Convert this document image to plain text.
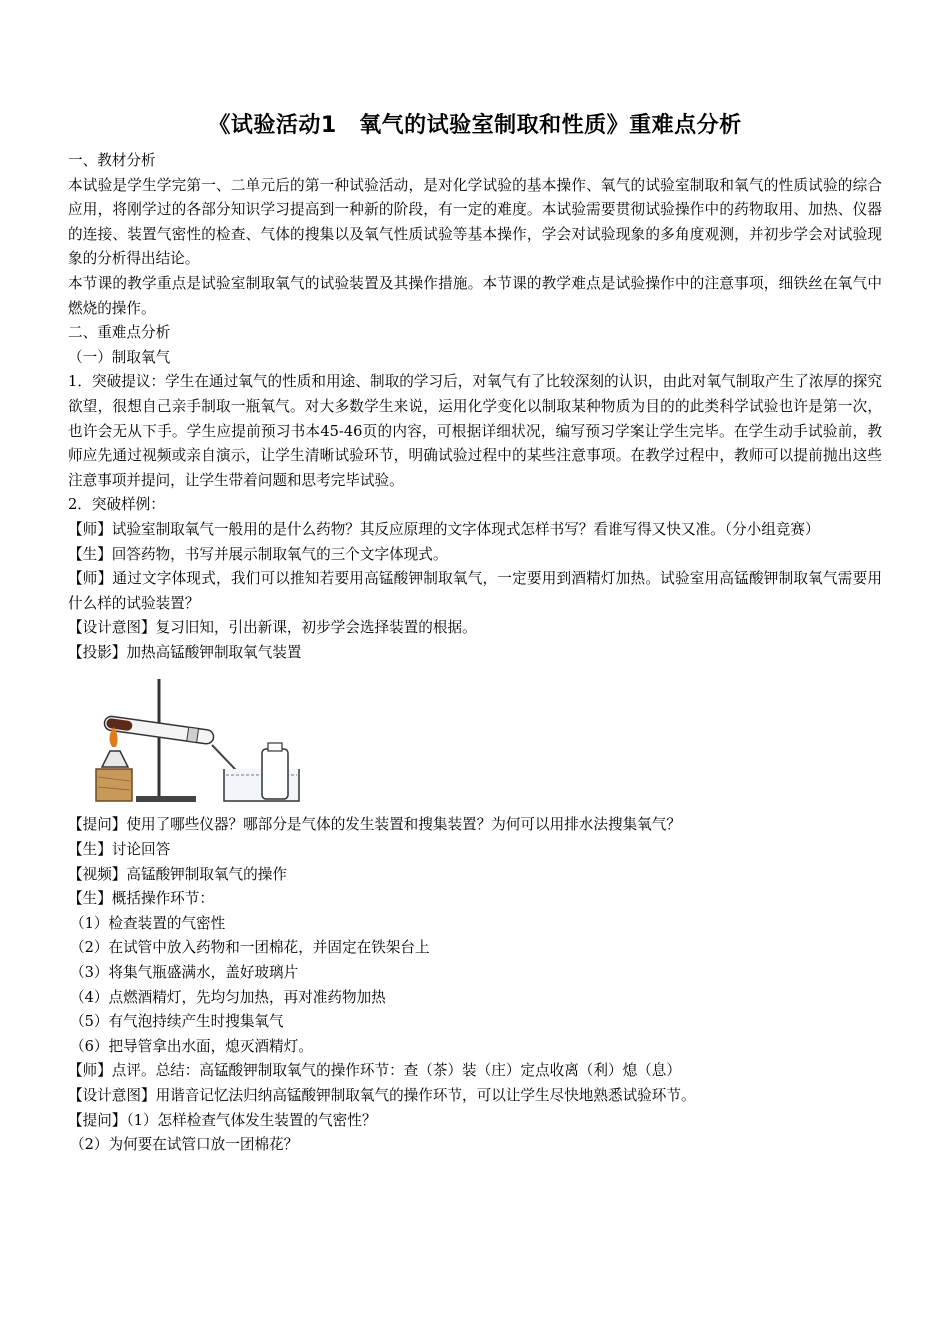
《试验活动1　氧气的试验室制取和性质》重难点分析

一、教材分析

本试验是学生学完第一、二单元后的第一种试验活动，是对化学试验的基本操作、氧气的试验室制取和氧气的性质试验的综合应用，将刚学过的各部分知识学习提高到一种新的阶段，有一定的难度。本试验需要贯彻试验操作中的药物取用、加热、仪器的连接、装置气密性的检查、气体的搜集以及氧气性质试验等基本操作，学会对试验现象的多角度观测，并初步学会对试验现象的分析得出结论。

本节课的教学重点是试验室制取氧气的试验装置及其操作措施。本节课的教学难点是试验操作中的注意事项，细铁丝在氧气中燃烧的操作。

二、重难点分析

（一）制取氧气

1．突破提议：学生在通过氧气的性质和用途、制取的学习后，对氧气有了比较深刻的认识，由此对氧气制取产生了浓厚的探究欲望，很想自己亲手制取一瓶氧气。对大多数学生来说，运用化学变化以制取某种物质为目的的此类科学试验也许是第一次，也许会无从下手。学生应提前预习书本45-46页的内容，可根据详细状况，编写预习学案让学生完毕。在学生动手试验前，教师应先通过视频或亲自演示，让学生清晰试验环节，明确试验过程中的某些注意事项。在教学过程中，教师可以提前抛出这些注意事项并提问，让学生带着问题和思考完毕试验。

2．突破样例：

【师】试验室制取氧气一般用的是什么药物？其反应原理的文字体现式怎样书写？看谁写得又快又准。（分小组竞赛）

【生】回答药物，书写并展示制取氧气的三个文字体现式。

【师】通过文字体现式，我们可以推知若要用高锰酸钾制取氧气，一定要用到酒精灯加热。试验室用高锰酸钾制取氧气需要用什么样的试验装置？

【设计意图】复习旧知，引出新课，初步学会选择装置的根据。

【投影】加热高锰酸钾制取氧气装置

【提问】使用了哪些仪器？哪部分是气体的发生装置和搜集装置？为何可以用排水法搜集氧气？

【生】讨论回答

【视频】高锰酸钾制取氧气的操作

【生】概括操作环节：

（1）检查装置的气密性

（2）在试管中放入药物和一团棉花，并固定在铁架台上

（3）将集气瓶盛满水，盖好玻璃片

（4）点燃酒精灯，先均匀加热，再对准药物加热

（5）有气泡持续产生时搜集氧气

（6）把导管拿出水面，熄灭酒精灯。

【师】点评。总结：高锰酸钾制取氧气的操作环节：查（茶）装（庄）定点收离（利）熄（息）

【设计意图】用谐音记忆法归纳高锰酸钾制取氧气的操作环节，可以让学生尽快地熟悉试验环节。

【提问】（1）怎样检查气体发生装置的气密性？

（2）为何要在试管口放一团棉花？
